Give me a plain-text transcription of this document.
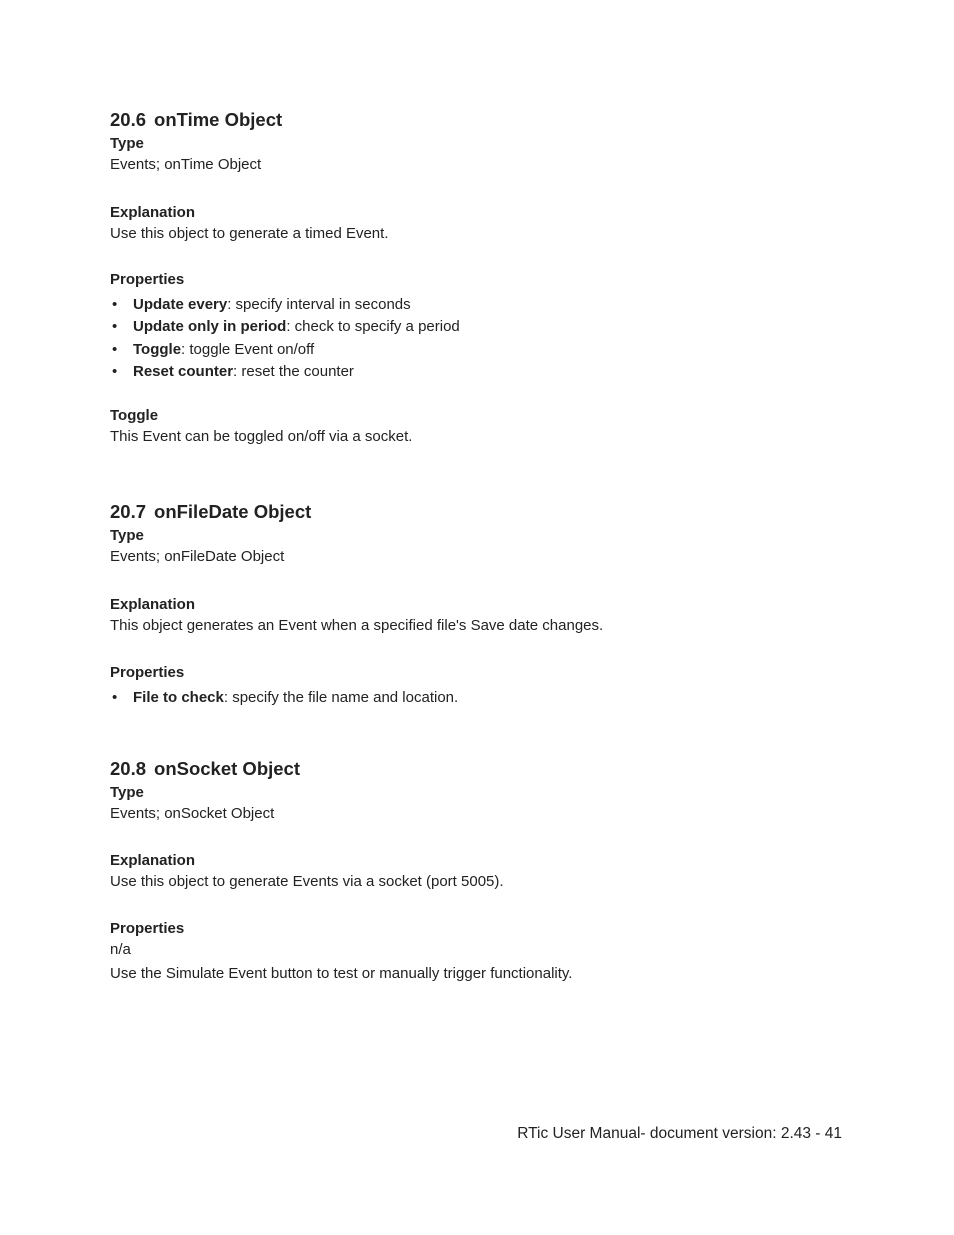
20.6 onTime Object

Type

Events; onTime Object

Explanation

Use this object to generate a timed Event.

Properties

• Update every: specify interval in seconds
• Update only in period: check to specify a period
• Toggle: toggle Event on/off
• Reset counter: reset the counter

Toggle

This Event can be toggled on/off via a socket.

20.7 onFileDate Object

Type

Events; onFileDate Object

Explanation

This object generates an Event when a specified file's Save date changes.

Properties

• File to check: specify the file name and location.

20.8 onSocket Object

Type

Events; onSocket Object

Explanation

Use this object to generate Events via a socket (port 5005).

Properties

n/a

Use the Simulate Event button to test or manually trigger functionality.

RTic User Manual- document version: 2.43 - 41
